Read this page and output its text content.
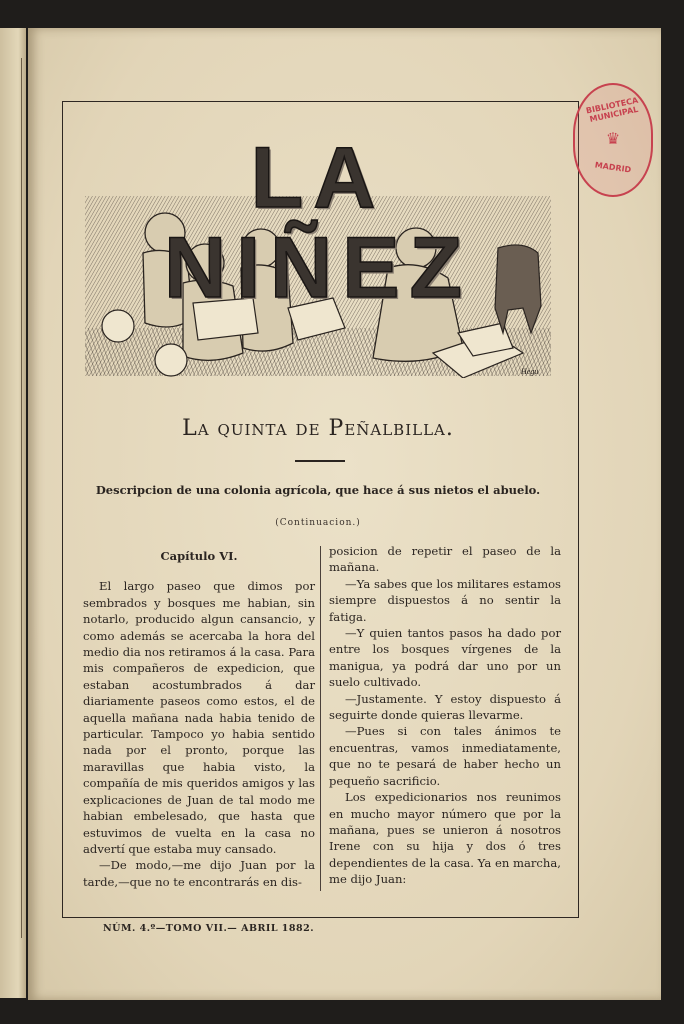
BIBLIOTECA MUNICIPAL
♛
MADRID
Hegu
LA NIÑEZ
La quinta de Peñalbilla.
Descripcion de una colonia agrícola, que hace á sus nietos el abuelo.
(Continuacion.)
Capítulo VI.

El largo paseo que dimos por sembrados y bosques me habian, sin notarlo, producido algun cansancio, y como además se acercaba la hora del medio dia nos retiramos á la casa. Para mis compañeros de expedicion, que estaban acostumbrados á dar diariamente paseos como estos, el de aquella mañana nada habia tenido de particular. Tampoco yo habia sentido nada por el pronto, porque las maravillas que habia visto, la compañía de mis queridos amigos y las explicaciones de Juan de tal modo me habian embelesado, que hasta que estuvimos de vuelta en la casa no advertí que estaba muy cansado.

—De modo,—me dijo Juan por la tarde,—que no te encontrarás en dis-

posicion de repetir el paseo de la mañana.

—Ya sabes que los militares estamos siempre dispuestos á no sentir la fatiga.

—Y quien tantos pasos ha dado por entre los bosques vírgenes de la manigua, ya podrá dar uno por un suelo cultivado.

—Justamente. Y estoy dispuesto á seguirte donde quieras llevarme.

—Pues si con tales ánimos te encuentras, vamos inmediatamente, que no te pesará de haber hecho un pequeño sacrificio.

Los expedicionarios nos reunimos en mucho mayor número que por la mañana, pues se unieron á nosotros Irene con su hija y dos ó tres dependientes de la casa. Ya en marcha, me dijo Juan:

NÚM. 4.º—TOMO VII.— ABRIL 1882.
